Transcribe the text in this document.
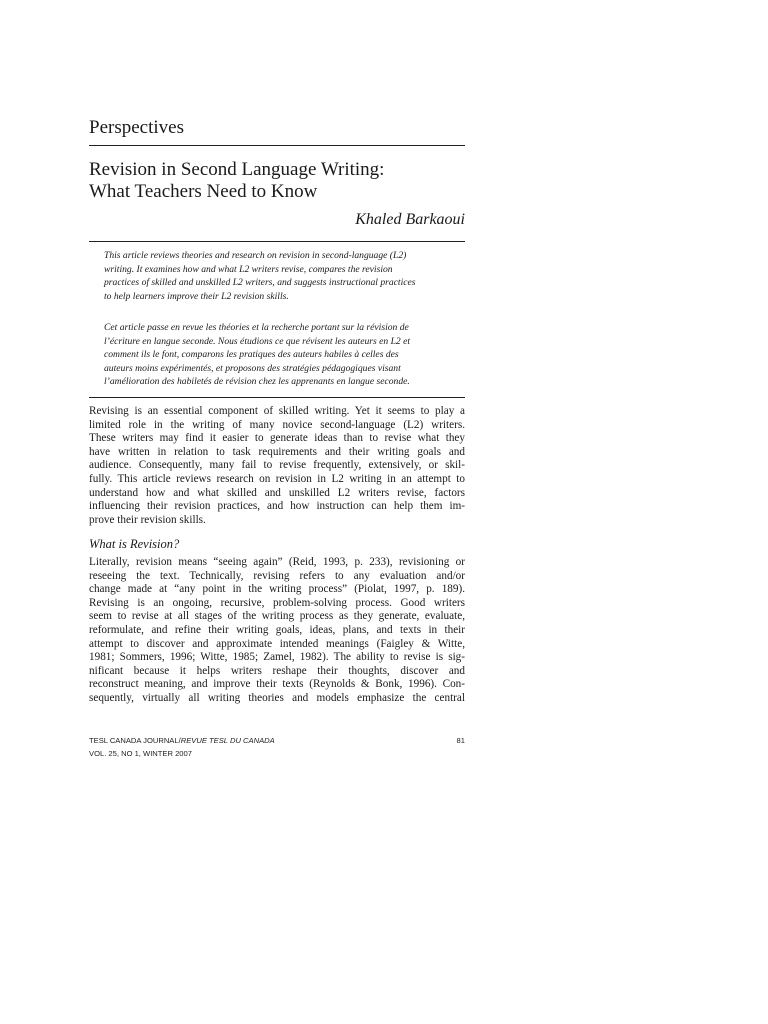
Perspectives
Revision in Second Language Writing:
What Teachers Need to Know
Khaled Barkaoui
This article reviews theories and research on revision in second-language (L2)
writing. It examines how and what L2 writers revise, compares the revision
practices of skilled and unskilled L2 writers, and suggests instructional practices
to help learners improve their L2 revision skills.
Cet article passe en revue les théories et la recherche portant sur la révision de
l’écriture en langue seconde. Nous étudions ce que révisent les auteurs en L2 et
comment ils le font, comparons les pratiques des auteurs habiles à celles des
auteurs moins expérimentés, et proposons des stratégies pédagogiques visant
l’amélioration des habiletés de révision chez les apprenants en langue seconde.
Revising is an essential component of skilled writing. Yet it seems to play a
limited role in the writing of many novice second-language (L2) writers.
These writers may find it easier to generate ideas than to revise what they
have written in relation to task requirements and their writing goals and
audience. Consequently, many fail to revise frequently, extensively, or skil-
fully. This article reviews research on revision in L2 writing in an attempt to
understand how and what skilled and unskilled L2 writers revise, factors
influencing their revision practices, and how instruction can help them im-
prove their revision skills.
What is Revision?
Literally, revision means “seeing again” (Reid, 1993, p. 233), revisioning or
reseeing the text. Technically, revising refers to any evaluation and/or
change made at “any point in the writing process” (Piolat, 1997, p. 189).
Revising is an ongoing, recursive, problem-solving process. Good writers
seem to revise at all stages of the writing process as they generate, evaluate,
reformulate, and refine their writing goals, ideas, plans, and texts in their
attempt to discover and approximate intended meanings (Faigley & Witte,
1981; Sommers, 1996; Witte, 1985; Zamel, 1982). The ability to revise is sig-
nificant because it helps writers reshape their thoughts, discover and
reconstruct meaning, and improve their texts (Reynolds & Bonk, 1996). Con-
sequently, virtually all writing theories and models emphasize the central
TESL CANADA JOURNAL/REVUE TESL DU CANADA
VOL. 25, NO 1, WINTER 2007
81
